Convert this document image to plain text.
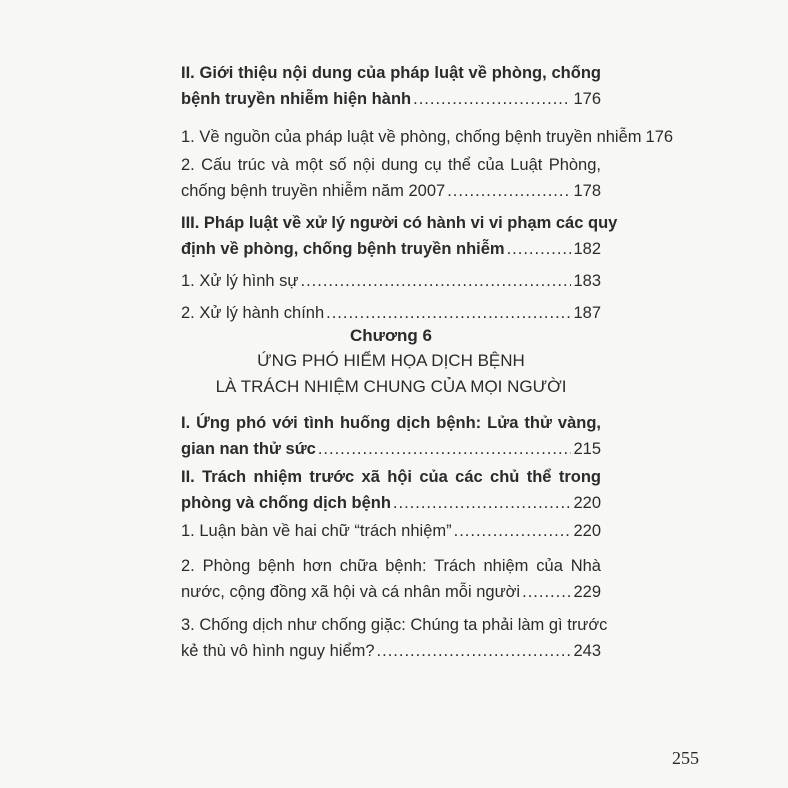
II. Giới thiệu nội dung của pháp luật về phòng, chống
bệnh truyền nhiễm hiện hành .....	176
1. Về nguồn của pháp luật về phòng, chống bệnh truyền nhiễm 176
2. Cấu trúc và một số nội dung cụ thể của Luật Phòng,
chống bệnh truyền nhiễm năm 2007 .....	178
III. Pháp luật về xử lý người có hành vi vi phạm các quy
định về phòng, chống bệnh truyền nhiễm .....	182
1. Xử lý hình sự .....	183
2. Xử lý hành chính .....	187
I. Ứng phó với tình huống dịch bệnh: Lửa thử vàng,
gian nan thử sức .....	215
II. Trách nhiệm trước xã hội của các chủ thể trong
phòng và chống dịch bệnh .....	220
1. Luận bàn về hai chữ “trách nhiệm” .....	220
2. Phòng bệnh hơn chữa bệnh: Trách nhiệm của Nhà
nước, cộng đồng xã hội và cá nhân mỗi người .....	229
3. Chống dịch như chống giặc: Chúng ta phải làm gì trước
kẻ thù vô hình nguy hiểm? .....	243
Chương 6
ỨNG PHÓ HIỂM HỌA DỊCH BỆNH
LÀ TRÁCH NHIỆM CHUNG CỦA MỌI NGƯỜI
255
